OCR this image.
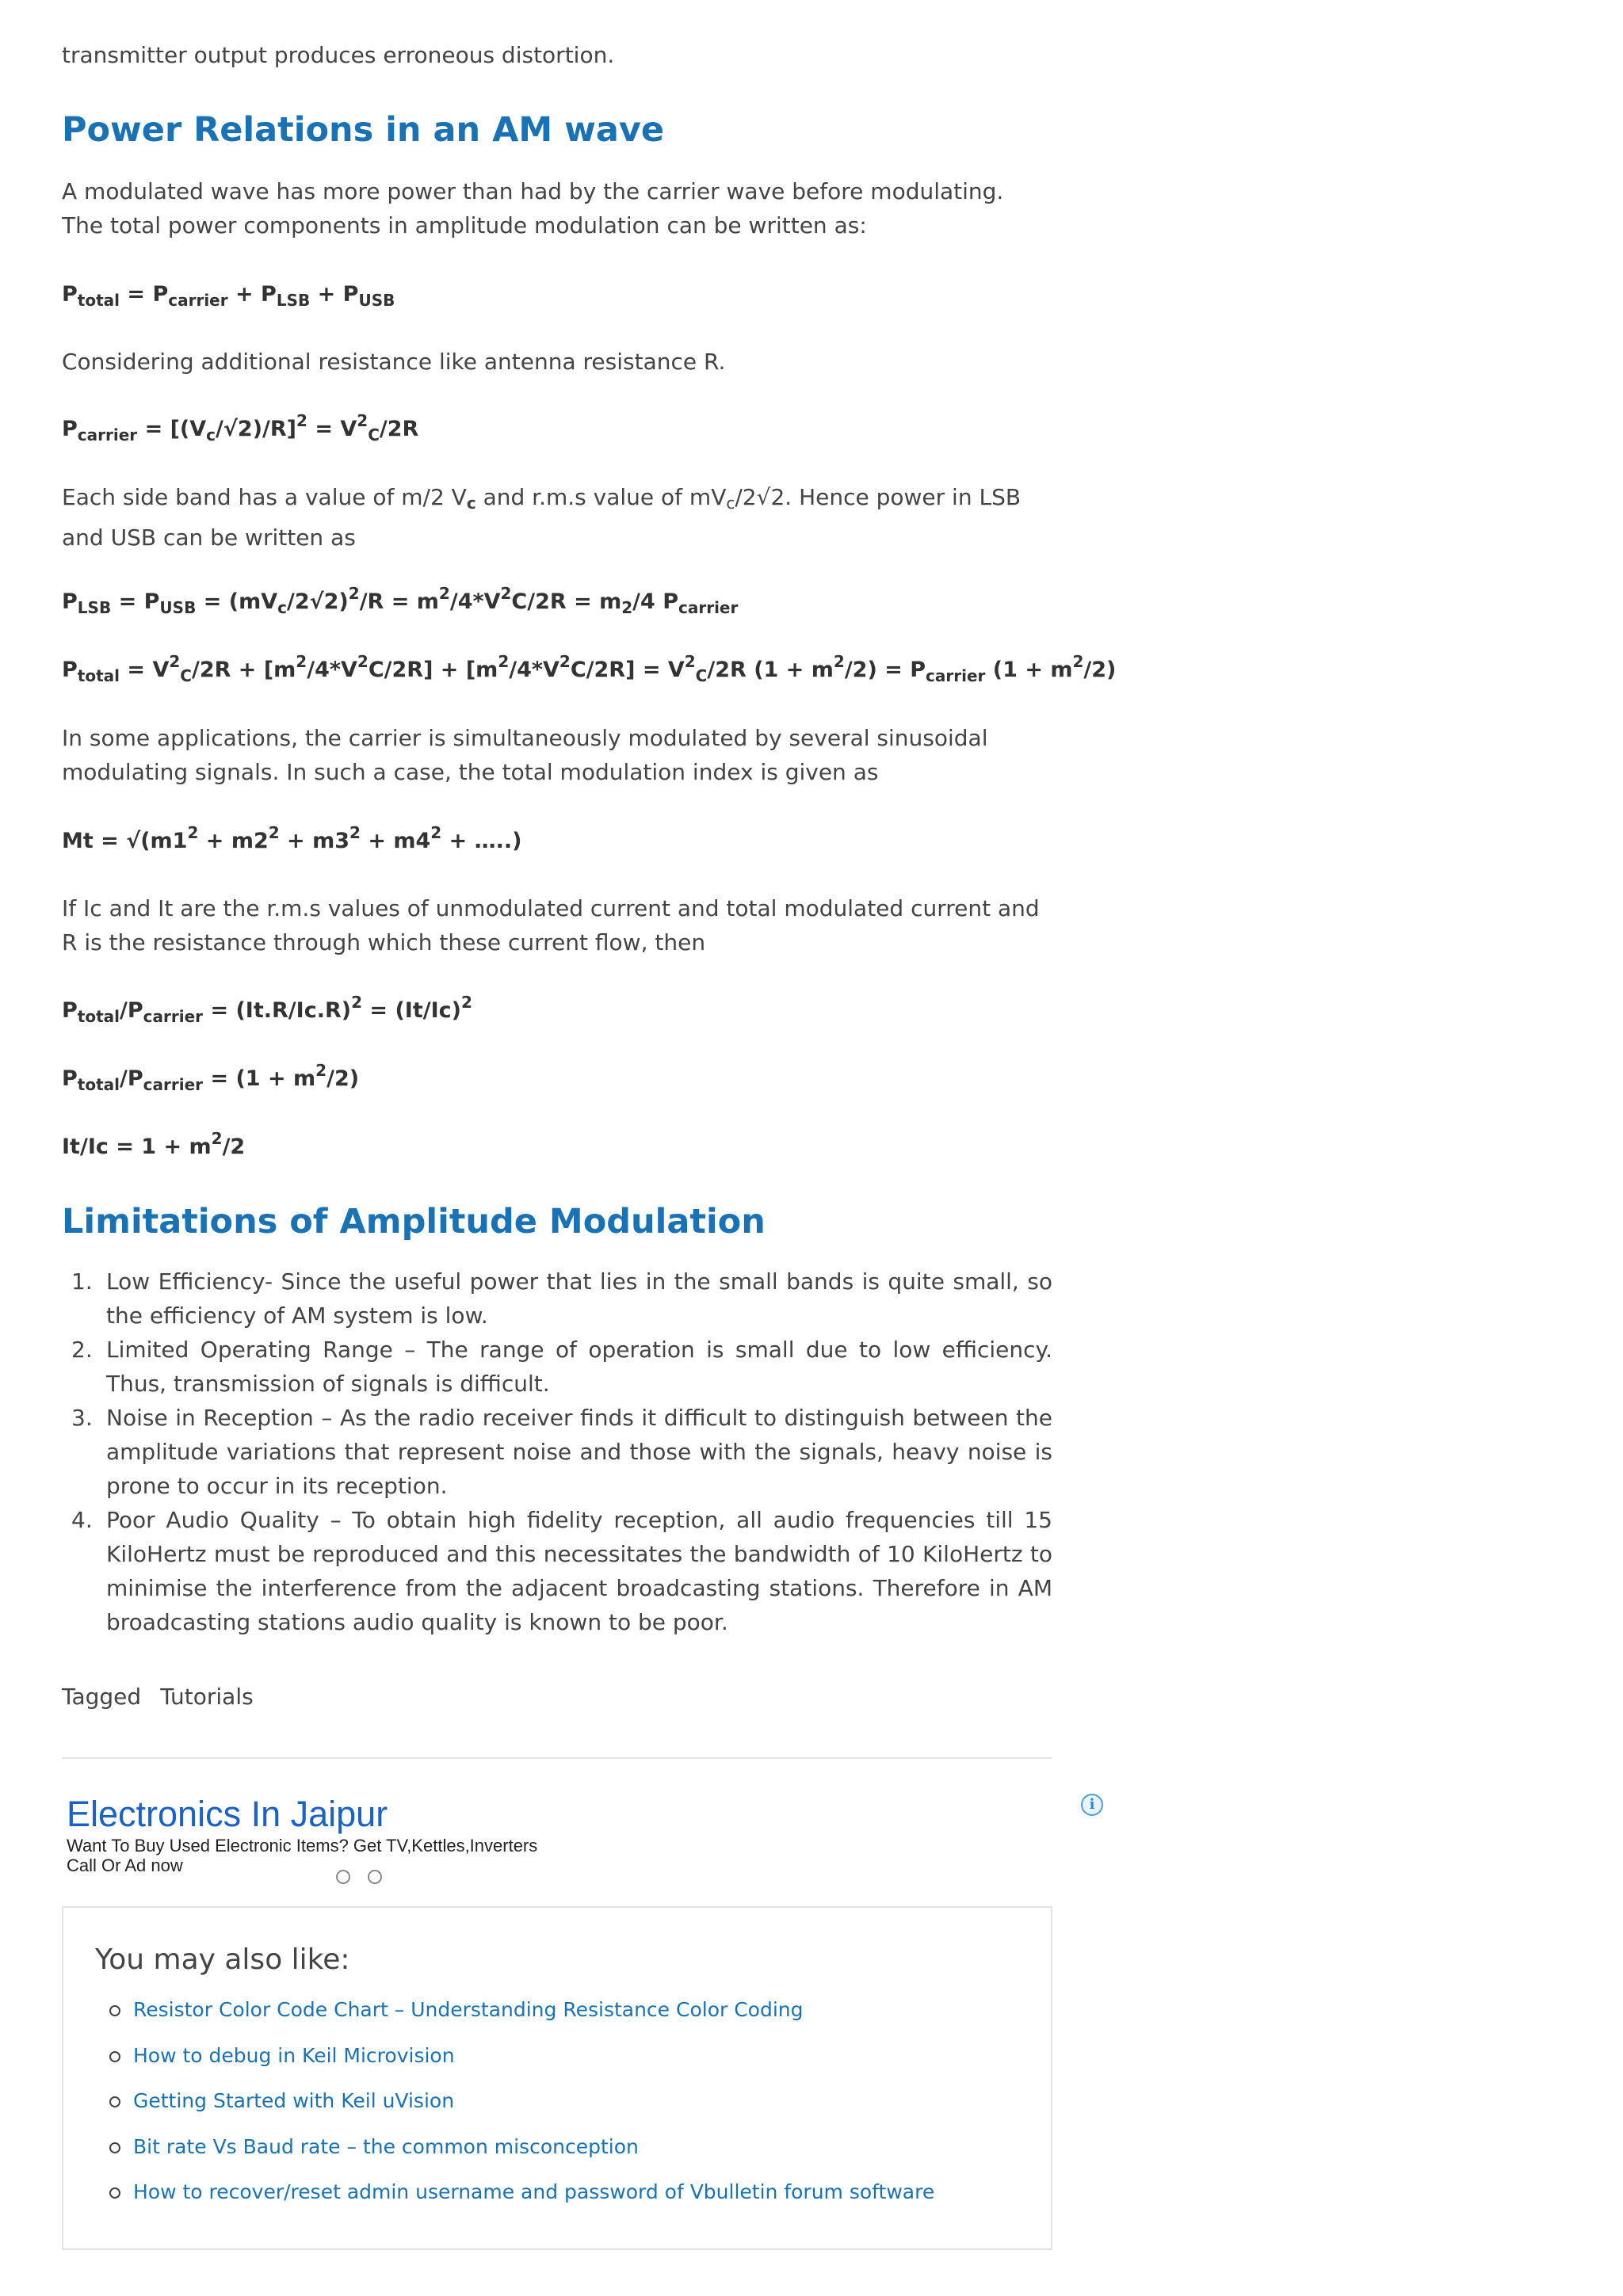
transmitter output produces erroneous distortion.

Power Relations in an AM wave

A modulated wave has more power than had by the carrier wave before modulating. The total power components in amplitude modulation can be written as:

$P_{total} = P_{carrier} + P_{LSB} + P_{USB}$

Considering additional resistance like antenna resistance R.

$P_{carrier} = [(V_c/√2)/R]^2 = V^2_C/2R$

Each side band has a value of m/2 Vc and r.m.s value of mVc/2√2. Hence power in LSB and USB can be written as

$P_{LSB} = P_{USB} = (mV_c/2√2)^2/R = m^2/4*V^2C/2R = m_2/4$ $P_{carrier}$

$P_{total} = V^2_C/2R + [m^2/4*V^2C/2R] + [m^2/4*V^2C/2R] = V^2_C/2R$ $(1 + m^2/2) = P_{carrier}$ $(1 + m^2/2)$

In some applications, the carrier is simultaneously modulated by several sinusoidal modulating signals. In such a case, the total modulation index is given as

$Mt = √(m1^2 + m2^2 + m3^2 + m4^2$ + …..)

If Ic and It are the r.m.s values of unmodulated current and total modulated current and R is the resistance through which these current flow, then

$P_{total}/P_{carrier} = (It.R/Ic.R)^2 = (It/Ic)^2$

$P_{total}/P_{carrier} = (1 + m^2/2)$

$It/Ic = 1 + m^2/2$

Limitations of Amplitude Modulation
1. Low Efficiency- Since the useful power that lies in the small bands is quite small, so the efficiency of AM system is low.
2. Limited Operating Range – The range of operation is small due to low efficiency. Thus, transmission of signals is difficult.
3. Noise in Reception – As the radio receiver finds it difficult to distinguish between the amplitude variations that represent noise and those with the signals, heavy noise is prone to occur in its reception.
4. Poor Audio Quality – To obtain high fidelity reception, all audio frequencies till 15 KiloHertz must be reproduced and this necessitates the bandwidth of 10 KiloHertz to minimise the interference from the adjacent broadcasting stations. Therefore in AM broadcasting stations audio quality is known to be poor.
Tagged Tutorials
Electronics In Jaipur
Want To Buy Used Electronic Items? Get TV,Kettles,Inverters
Call Or Ad now
i
You may also like:
Resistor Color Code Chart – Understanding Resistance Color Coding
How to debug in Keil Microvision
Getting Started with Keil uVision
Bit rate Vs Baud rate – the common misconception
How to recover/reset admin username and password of Vbulletin forum software
